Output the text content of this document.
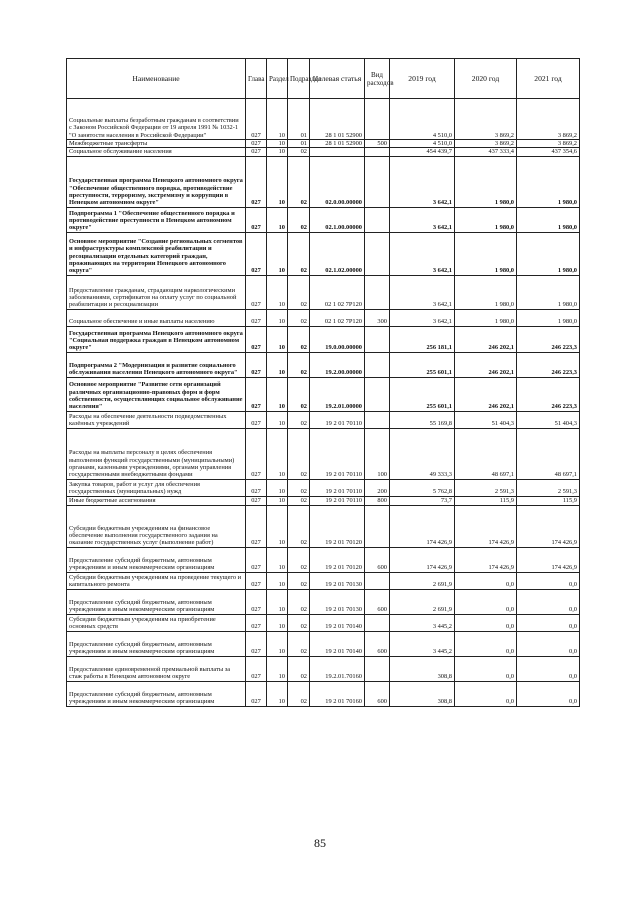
Наименование	Глава	Раздел	Подраздел	Целевая статья	Вид расходов	2019 год	2020 год	2021 год
Социальные выплаты безработным гражданам в соответствии с Законом Российской Федерации от 19 апреля 1991 № 1032-1 "О занятости населения в Российской Федерации"	027	10	01	28 1 01 52900		4 510,0	3 869,2	3 869,2
Межбюджетные трансферты	027	10	01	28 1 01 52900	500	4 510,0	3 869,2	3 869,2
Социальное обслуживание населения	027	10	02			454 439,7	437 333,4	437 354,6
Государственная программа Ненецкого автономного округа "Обеспечение общественного порядка, противодействие преступности, терроризму, экстремизму и коррупции в Ненецком автономном округе"	027	10	02	02.0.00.00000		3 642,1	1 980,0	1 980,0
Подпрограмма 1 "Обеспечение общественного порядка и противодействие преступности в Ненецком автономном округе"	027	10	02	02.1.00.00000		3 642,1	1 980,0	1 980,0
Основное мероприятие "Создание региональных сегментов и инфраструктуры комплексной реабилитации и ресоциализации отдельных категорий граждан, проживающих на территории Ненецкого автономного округа"	027	10	02	02.1.02.00000		3 642,1	1 980,0	1 980,0
Предоставление гражданам, страдающим наркологическими заболеваниями, сертификатов на оплату услуг по социальной реабилитации и ресоциализации	027	10	02	02 1 02 7Р120		3 642,1	1 980,0	1 980,0
Социальное обеспечение и иные выплаты населению	027	10	02	02 1 02 7Р120	300	3 642,1	1 980,0	1 980,0
Государственная программа Ненецкого автономного округа "Социальная поддержка граждан в Ненецком автономном округе"	027	10	02	19.0.00.00000		256 181,1	246 202,1	246 223,3
Подпрограмма 2 "Модернизация и развитие социального обслуживания населения Ненецкого автономного округа"	027	10	02	19.2.00.00000		255 601,1	246 202,1	246 223,3
Основное мероприятие "Развитие сети организаций различных организационно-правовых форм и форм собственности, осуществляющих социальное обслуживание населения"	027	10	02	19.2.01.00000		255 601,1	246 202,1	246 223,3
Расходы на обеспечение деятельности подведомственных казённых учреждений	027	10	02	19 2 01 70110		55 169,8	51 404,3	51 404,3
Расходы на выплаты персоналу в целях обеспечения выполнения функций государственными (муниципальными) органами, казенными учреждениями, органами управления государственными внебюджетными фондами	027	10	02	19 2 01 70110	100	49 333,3	48 697,1	48 697,1
Закупка товаров, работ и услуг для обеспечения государственных (муниципальных) нужд	027	10	02	19 2 01 70110	200	5 762,8	2 591,3	2 591,3
Иные бюджетные ассигнования	027	10	02	19 2 01 70110	800	73,7	115,9	115,9
Субсидии бюджетным учреждениям на финансовое обеспечение выполнения государственного задания на оказание государственных услуг (выполнение работ)	027	10	02	19 2 01 70120		174 426,9	174 426,9	174 426,9
Предоставление субсидий бюджетным, автономным учреждениям и иным некоммерческим организациям	027	10	02	19 2 01 70120	600	174 426,9	174 426,9	174 426,9
Субсидии бюджетным учреждениям на проведение текущего и капитального ремонта	027	10	02	19 2 01 70130		2 691,9	0,0	0,0
Предоставление субсидий бюджетным, автономным учреждениям и иным некоммерческим организациям	027	10	02	19 2 01 70130	600	2 691,9	0,0	0,0
Субсидии бюджетным учреждениям на приобретение основных средств	027	10	02	19 2 01 70140		3 445,2	0,0	0,0
Предоставление субсидий бюджетным, автономным учреждениям и иным некоммерческим организациям	027	10	02	19 2 01 70140	600	3 445,2	0,0	0,0
Предоставление единовременной премиальной выплаты за стаж работы в Ненецком автономном округе	027	10	02	19.2.01.70160		308,8	0,0	0,0
Предоставление субсидий бюджетным, автономным учреждениям и иным некоммерческим организациям	027	10	02	19 2 01 70160	600	308,8	0,0	0,0
85
